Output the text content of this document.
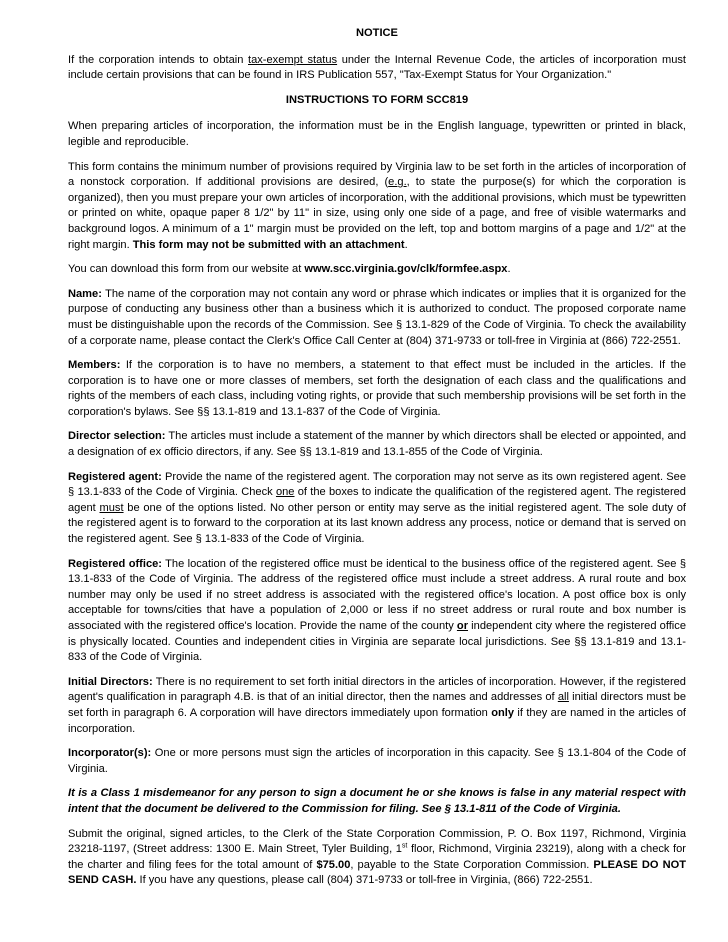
NOTICE

If the corporation intends to obtain tax-exempt status under the Internal Revenue Code, the articles of incorporation must include certain provisions that can be found in IRS Publication 557, "Tax-Exempt Status for Your Organization."

INSTRUCTIONS TO FORM SCC819

When preparing articles of incorporation, the information must be in the English language, typewritten or printed in black, legible and reproducible.

This form contains the minimum number of provisions required by Virginia law to be set forth in the articles of incorporation of a nonstock corporation. If additional provisions are desired, (e.g., to state the purpose(s) for which the corporation is organized), then you must prepare your own articles of incorporation, with the additional provisions, which must be typewritten or printed on white, opaque paper 8 1/2" by 11" in size, using only one side of a page, and free of visible watermarks and background logos. A minimum of a 1" margin must be provided on the left, top and bottom margins of a page and 1/2" at the right margin. This form may not be submitted with an attachment.

You can download this form from our website at www.scc.virginia.gov/clk/formfee.aspx.

Name: The name of the corporation may not contain any word or phrase which indicates or implies that it is organized for the purpose of conducting any business other than a business which it is authorized to conduct. The proposed corporate name must be distinguishable upon the records of the Commission. See § 13.1-829 of the Code of Virginia. To check the availability of a corporate name, please contact the Clerk's Office Call Center at (804) 371-9733 or toll-free in Virginia at (866) 722-2551.

Members: If the corporation is to have no members, a statement to that effect must be included in the articles. If the corporation is to have one or more classes of members, set forth the designation of each class and the qualifications and rights of the members of each class, including voting rights, or provide that such membership provisions will be set forth in the corporation's bylaws. See §§ 13.1-819 and 13.1-837 of the Code of Virginia.

Director selection: The articles must include a statement of the manner by which directors shall be elected or appointed, and a designation of ex officio directors, if any. See §§ 13.1-819 and 13.1-855 of the Code of Virginia.

Registered agent: Provide the name of the registered agent. The corporation may not serve as its own registered agent. See § 13.1-833 of the Code of Virginia. Check one of the boxes to indicate the qualification of the registered agent. The registered agent must be one of the options listed. No other person or entity may serve as the initial registered agent. The sole duty of the registered agent is to forward to the corporation at its last known address any process, notice or demand that is served on the registered agent. See § 13.1-833 of the Code of Virginia.

Registered office: The location of the registered office must be identical to the business office of the registered agent. See § 13.1-833 of the Code of Virginia. The address of the registered office must include a street address. A rural route and box number may only be used if no street address is associated with the registered office's location. A post office box is only acceptable for towns/cities that have a population of 2,000 or less if no street address or rural route and box number is associated with the registered office's location. Provide the name of the county or independent city where the registered office is physically located. Counties and independent cities in Virginia are separate local jurisdictions. See §§ 13.1-819 and 13.1-833 of the Code of Virginia.

Initial Directors: There is no requirement to set forth initial directors in the articles of incorporation. However, if the registered agent's qualification in paragraph 4.B. is that of an initial director, then the names and addresses of all initial directors must be set forth in paragraph 6. A corporation will have directors immediately upon formation only if they are named in the articles of incorporation.

Incorporator(s): One or more persons must sign the articles of incorporation in this capacity. See § 13.1-804 of the Code of Virginia.

It is a Class 1 misdemeanor for any person to sign a document he or she knows is false in any material respect with intent that the document be delivered to the Commission for filing. See § 13.1-811 of the Code of Virginia.

Submit the original, signed articles, to the Clerk of the State Corporation Commission, P. O. Box 1197, Richmond, Virginia 23218-1197, (Street address: 1300 E. Main Street, Tyler Building, 1st floor, Richmond, Virginia 23219), along with a check for the charter and filing fees for the total amount of $75.00, payable to the State Corporation Commission. PLEASE DO NOT SEND CASH. If you have any questions, please call (804) 371-9733 or toll-free in Virginia, (866) 722-2551.
